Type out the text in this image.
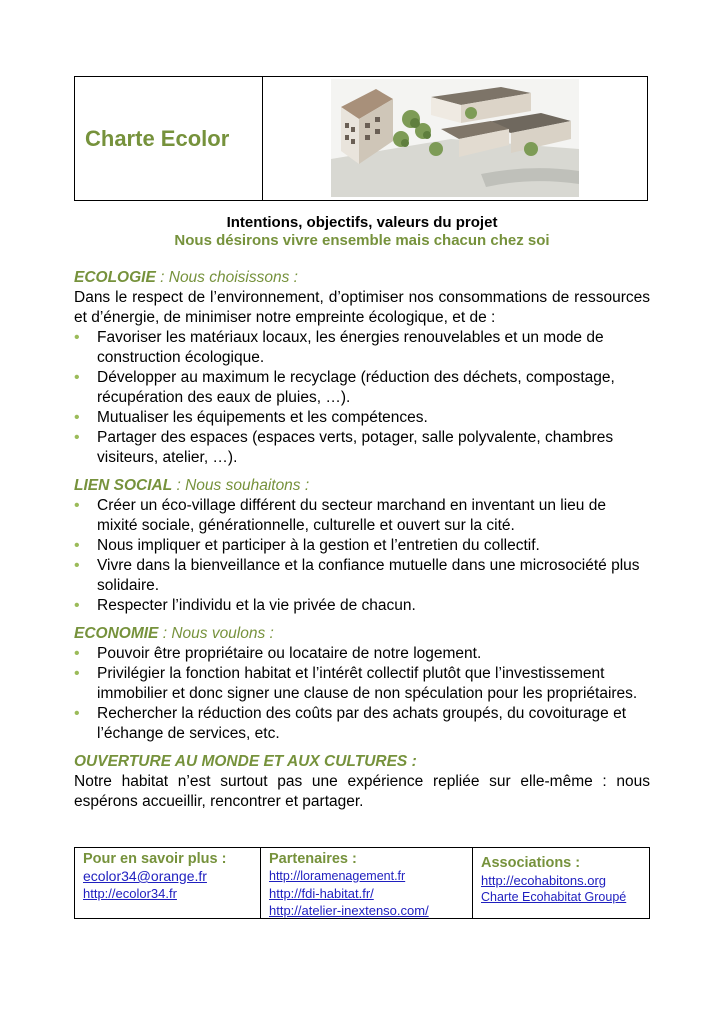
Charte Ecolor
Intentions, objectifs, valeurs du projet
Nous désirons vivre ensemble mais chacun chez soi
ECOLOGIE : Nous choisissons :
Dans le respect de l’environnement, d’optimiser nos consommations de ressources et d’énergie, de minimiser notre empreinte écologique, et de :
• Favoriser les matériaux locaux, les énergies renouvelables et un mode de construction écologique.
• Développer au maximum le recyclage (réduction des déchets, compostage, récupération des eaux de pluies, …).
• Mutualiser les équipements et les compétences.
• Partager des espaces (espaces verts, potager, salle polyvalente, chambres visiteurs, atelier, …).
LIEN SOCIAL : Nous souhaitons :
• Créer un éco-village différent du secteur marchand en inventant un lieu de mixité sociale, générationnelle, culturelle et ouvert sur la cité.
• Nous impliquer et participer à la gestion et l’entretien du collectif.
• Vivre dans la bienveillance et la confiance mutuelle dans une microsociété plus solidaire.
• Respecter l’individu et la vie privée de chacun.
ECONOMIE : Nous voulons :
• Pouvoir être propriétaire ou locataire de notre logement.
• Privilégier la fonction habitat et l’intérêt collectif plutôt que l’investissement immobilier et donc signer une clause de non spéculation pour les propriétaires.
• Rechercher la réduction des coûts par des achats groupés, du covoiturage et l’échange de services, etc.
OUVERTURE AU MONDE ET AUX CULTURES :
Notre habitat n’est surtout pas une expérience repliée sur elle-même : nous espérons accueillir, rencontrer et partager.
Pour en savoir plus :
ecolor34@orange.fr
http://ecolor34.fr
Partenaires :
http://loramenagement.fr
http://fdi-habitat.fr/
http://atelier-inextenso.com/
Associations :
http://ecohabitons.org
Charte Ecohabitat Groupé
